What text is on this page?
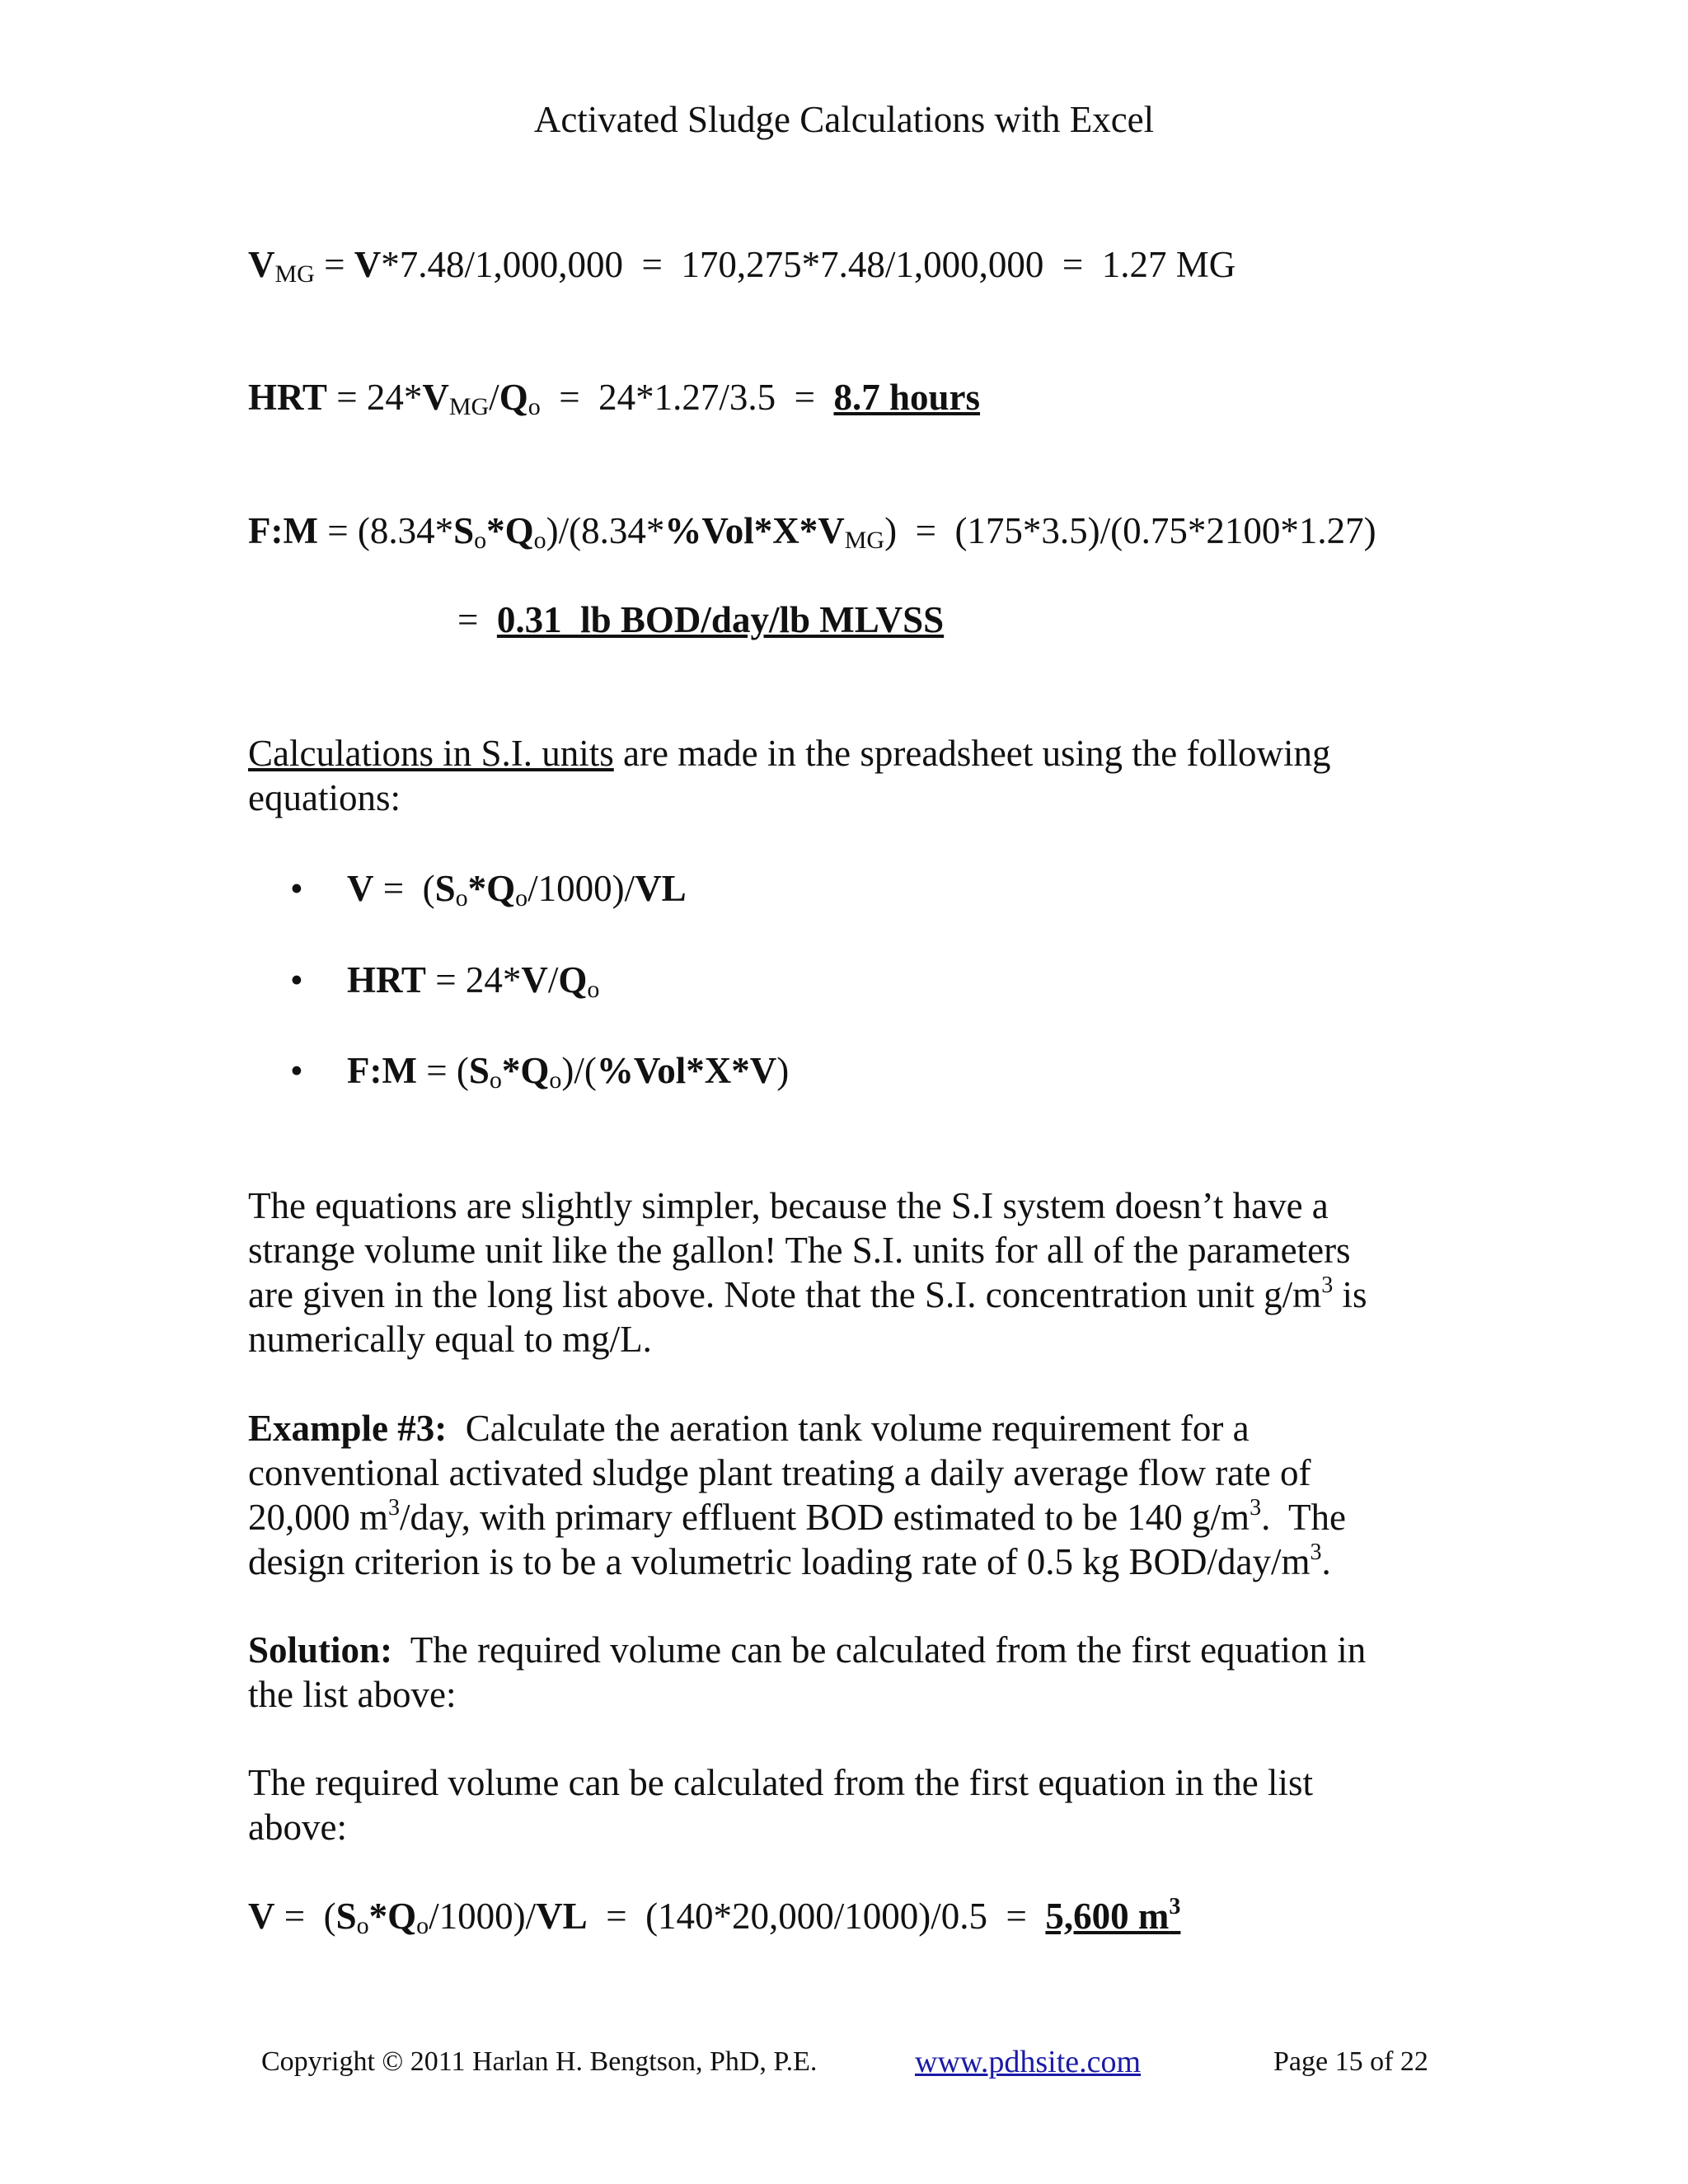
Activated Sludge Calculations with Excel
$V_{MG} = V*7.48/1,000,000 = 170,275*7.48/1,000,000 = 1.27$ MG
HRT = $24*V_{MG}/Q_o = 24*1.27/3.5 = 8.7$ hours
F:M = $(8.34*S_o*Q_o)/(8.34*\%Vol*X*V_{MG}) = (175*3.5)/(0.75*2100*1.27)$
=  0.31  lb BOD/day/lb MLVSS
Calculations in S.I. units are made in the spreadsheet using the following
equations:
• $V = (S_o*Q_o/1000)/VL$
• HRT = $24*V/Q_o$
• F:M = $(S_o*Q_o)/(\%Vol*X*V)$
The equations are slightly simpler, because the S.I system doesn’t have a
strange volume unit like the gallon! The S.I. units for all of the parameters
are given in the long list above. Note that the S.I. concentration unit $g/m^3$ is
numerically equal to mg/L.
Example #3:  Calculate the aeration tank volume requirement for a
conventional activated sludge plant treating a daily average flow rate of
20,000 $m^3$/day, with primary effluent BOD estimated to be 140 $g/m^3$.  The
design criterion is to be a volumetric loading rate of 0.5 kg BOD/$day/m^3$.
Solution:  The required volume can be calculated from the first equation in
the list above:
The required volume can be calculated from the first equation in the list
above:
$V = (S_o*Q_o/1000)/VL = (140*20,000/1000)/0.5 = 5,600$ $m^3$
Copyright © 2011 Harlan H. Bengtson, PhD, P.E.	www.pdhsite.com	Page 15 of 22
